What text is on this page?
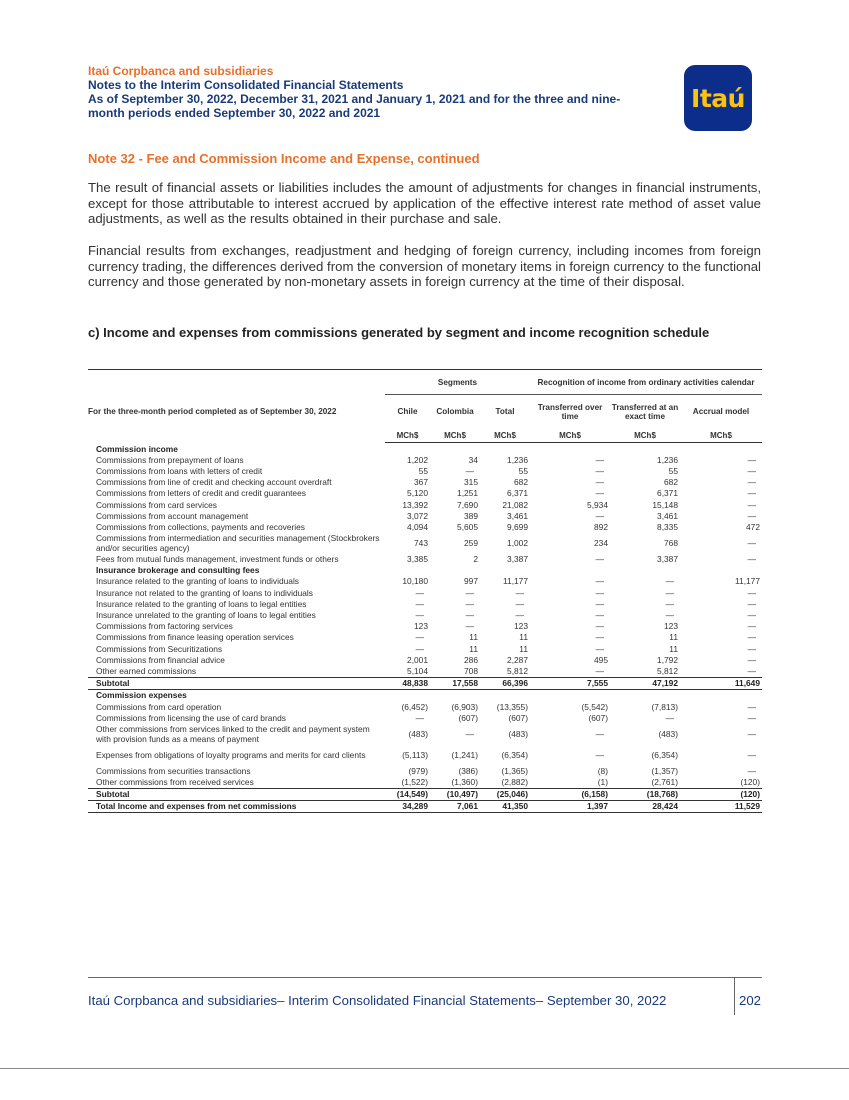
Itaú Corpbanca and subsidiaries
Notes to the Interim Consolidated Financial Statements
As of September 30, 2022, December 31, 2021 and January 1, 2021 and for the three and nine-
month periods ended September 30, 2022 and 2021
Itaú
Note 32 - Fee and Commission Income and Expense, continued

The result of financial assets or liabilities includes the amount of adjustments for changes in financial instruments, except for those attributable to interest accrued by application of the effective interest rate method of asset value adjustments, as well as the results obtained in their purchase and sale.

Financial results from exchanges, readjustment and hedging of foreign currency, including incomes from foreign currency trading, the differences derived from the conversion of monetary items in foreign currency to the functional currency and those generated by non-monetary assets in foreign currency at the time of their disposal.

c) Income and expenses from commissions generated by segment and income recognition schedule
	Segments			Recognition of income from ordinary activities calendar		
For the three-month period completed as of September 30, 2022	Chile	Colombia	Total	Transferred over time	Transferred at an exact time	Accrual model
	MCh$	MCh$	MCh$	MCh$	MCh$	MCh$
Commission income						
Commissions from prepayment of loans	1,202	34	1,236	—	1,236	—
Commissions from loans with letters of credit	55	—	55	—	55	—
Commissions from line of credit and checking account overdraft	367	315	682	—	682	—
Commissions from letters of credit and credit guarantees	5,120	1,251	6,371	—	6,371	—
Commissions from card services	13,392	7,690	21,082	5,934	15,148	—
Commissions from account management	3,072	389	3,461	—	3,461	—
Commissions from collections, payments and recoveries	4,094	5,605	9,699	892	8,335	472
Commissions from intermediation and securities management (Stockbrokers and/or securities agency)	743	259	1,002	234	768	—
Fees from mutual funds management, investment funds or others	3,385	2	3,387	—	3,387	—
Insurance brokerage and consulting fees						
Insurance related to the granting of loans to individuals	10,180	997	11,177	—	—	11,177
Insurance not related to the granting of loans to individuals	—	—	—	—	—	—
Insurance related to the granting of loans to legal entities	—	—	—	—	—	—
Insurance unrelated to the granting of loans to legal entities	—	—	—	—	—	—
Commissions from factoring services	123	—	123	—	123	—
Commissions from finance leasing operation services	—	11	11	—	11	—
Commissions from Securitizations	—	11	11	—	11	—
Commissions from financial advice	2,001	286	2,287	495	1,792	—
Other earned commissions	5,104	708	5,812	—	5,812	—
Subtotal	48,838	17,558	66,396	7,555	47,192	11,649
Commission expenses						
Commissions from card operation	(6,452)	(6,903)	(13,355)	(5,542)	(7,813)	—
Commissions from licensing the use of card brands	—	(607)	(607)	(607)	—	—
Other commissions from services linked to the credit and payment system with provision funds as a means of payment	(483)	—	(483)	—	(483)	—
Expenses from obligations of loyalty programs and merits for card clients	(5,113)	(1,241)	(6,354)	—	(6,354)	—
Commissions from securities transactions	(979)	(386)	(1,365)	(8)	(1,357)	—
Other commissions from received services	(1,522)	(1,360)	(2,882)	(1)	(2,761)	(120)
Subtotal	(14,549)	(10,497)	(25,046)	(6,158)	(18,768)	(120)
Total Income and expenses from net commissions	34,289	7,061	41,350	1,397	28,424	11,529
Itaú Corpbanca and subsidiaries– Interim Consolidated Financial Statements– September 30, 2022	202
